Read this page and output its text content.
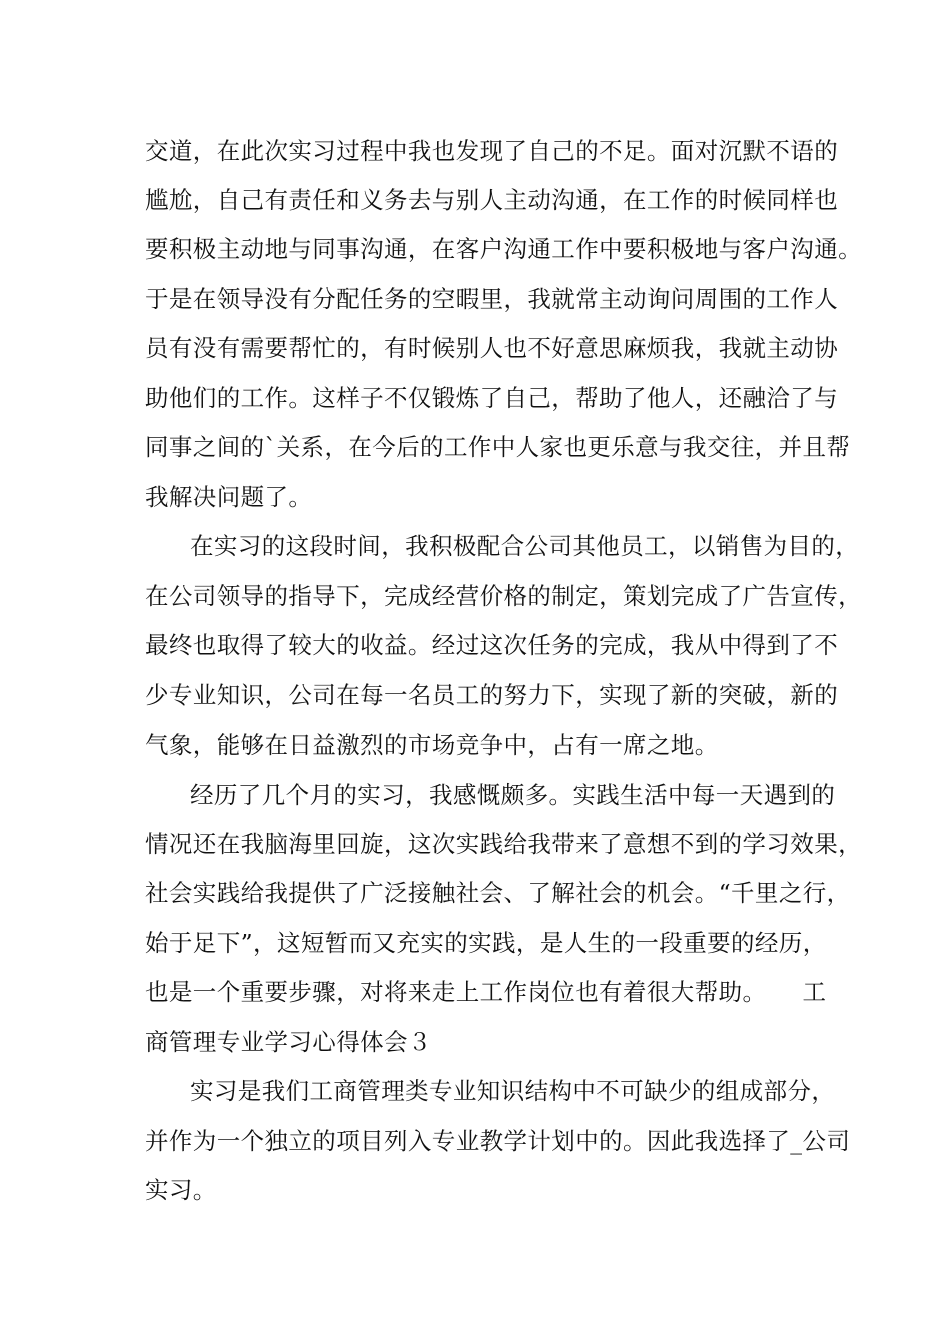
交道，在此次实习过程中我也发现了自己的不足。面对沉默不语的
尴尬，自己有责任和义务去与别人主动沟通，在工作的时候同样也
要积极主动地与同事沟通，在客户沟通工作中要积极地与客户沟通。
于是在领导没有分配任务的空暇里，我就常主动询问周围的工作人
员有没有需要帮忙的，有时候别人也不好意思麻烦我，我就主动协
助他们的工作。这样子不仅锻炼了自己，帮助了他人，还融洽了与
同事之间的`关系，在今后的工作中人家也更乐意与我交往，并且帮
我解决问题了。
在实习的这段时间，我积极配合公司其他员工，以销售为目的，
在公司领导的指导下，完成经营价格的制定，策划完成了广告宣传，
最终也取得了较大的收益。经过这次任务的完成，我从中得到了不
少专业知识，公司在每一名员工的努力下，实现了新的突破，新的
气象，能够在日益激烈的市场竞争中，占有一席之地。
经历了几个月的实习，我感慨颇多。实践生活中每一天遇到的
情况还在我脑海里回旋，这次实践给我带来了意想不到的学习效果，
社会实践给我提供了广泛接触社会、了解社会的机会。“千里之行，
始于足下”，这短暂而又充实的实践，是人生的一段重要的经历，
也是一个重要步骤，对将来走上工作岗位也有着很大帮助。　　工
商管理专业学习心得体会３
实习是我们工商管理类专业知识结构中不可缺少的组成部分，
并作为一个独立的项目列入专业教学计划中的。因此我选择了_公司
实习。
